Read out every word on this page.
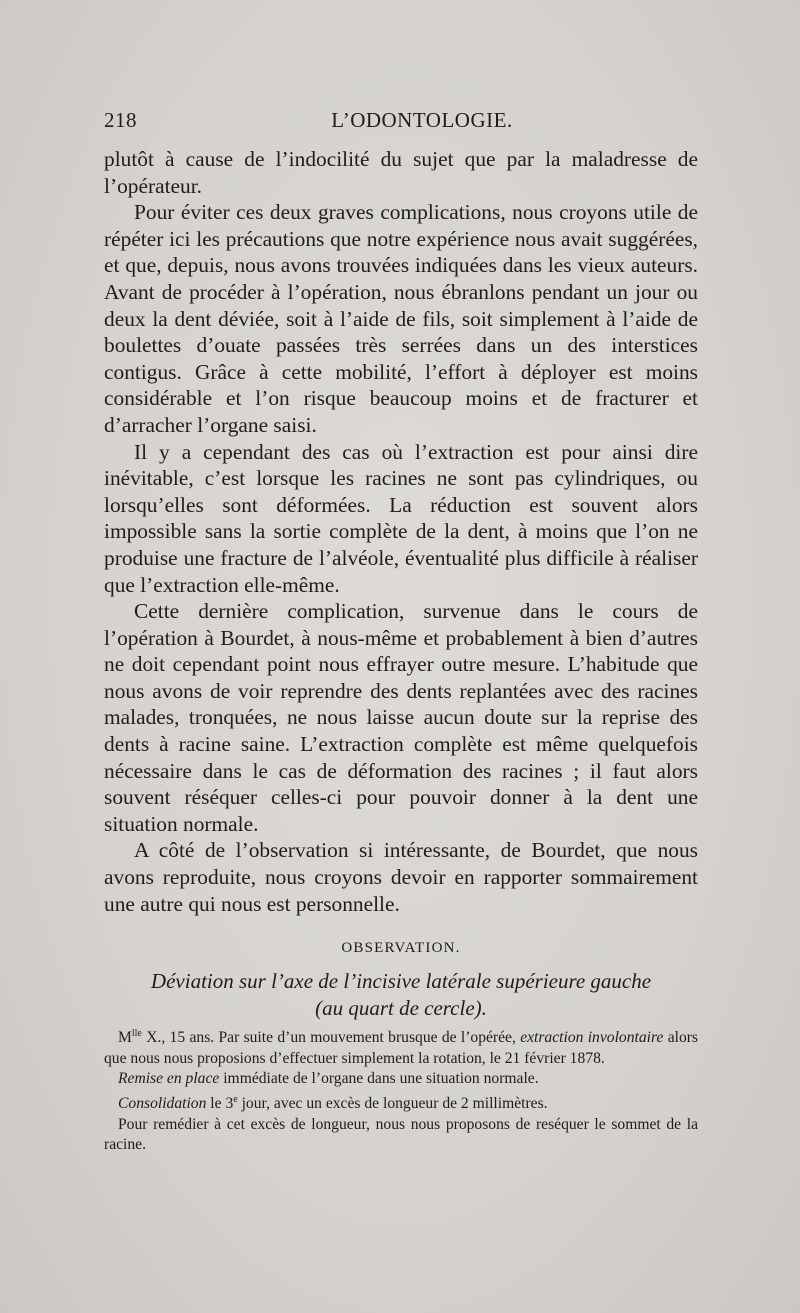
218	L’ODONTOLOGIE.

plutôt à cause de l’indocilité du sujet que par la maladresse de l’opérateur.

Pour éviter ces deux graves complications, nous croyons utile de répéter ici les précautions que notre expérience nous avait suggérées, et que, depuis, nous avons trouvées indiquées dans les vieux auteurs. Avant de procéder à l’opération, nous ébranlons pendant un jour ou deux la dent déviée, soit à l’aide de fils, soit simplement à l’aide de boulettes d’ouate passées très serrées dans un des interstices contigus. Grâce à cette mobilité, l’effort à déployer est moins considérable et l’on risque beaucoup moins et de fracturer et d’arracher l’organe saisi.

Il y a cependant des cas où l’extraction est pour ainsi dire inévitable, c’est lorsque les racines ne sont pas cylindriques, ou lorsqu’elles sont déformées. La réduction est souvent alors impossible sans la sortie complète de la dent, à moins que l’on ne produise une fracture de l’alvéole, éventualité plus difficile à réaliser que l’extraction elle-même.

Cette dernière complication, survenue dans le cours de l’opération à Bourdet, à nous-même et probablement à bien d’autres ne doit cependant point nous effrayer outre mesure. L’habitude que nous avons de voir reprendre des dents replantées avec des racines malades, tronquées, ne nous laisse aucun doute sur la reprise des dents à racine saine. L’extraction complète est même quelquefois nécessaire dans le cas de déformation des racines ; il faut alors souvent réséquer celles-ci pour pouvoir donner à la dent une situation normale.

A côté de l’observation si intéressante, de Bourdet, que nous avons reproduite, nous croyons devoir en rapporter sommairement une autre qui nous est personnelle.

OBSERVATION.
Déviation sur l’axe de l’incisive latérale supérieure gauche
(au quart de cercle).

$M^{lle}$ X., 15 ans. Par suite d’un mouvement brusque de l’opérée, extraction involontaire alors que nous nous proposions d’effectuer simplement la rotation, le 21 février 1878.

Remise en place immédiate de l’organe dans une situation normale.

Consolidation le 3e jour, avec un excès de longueur de 2 millimètres.

Pour remédier à cet excès de longueur, nous nous proposons de reséquer le sommet de la racine.
